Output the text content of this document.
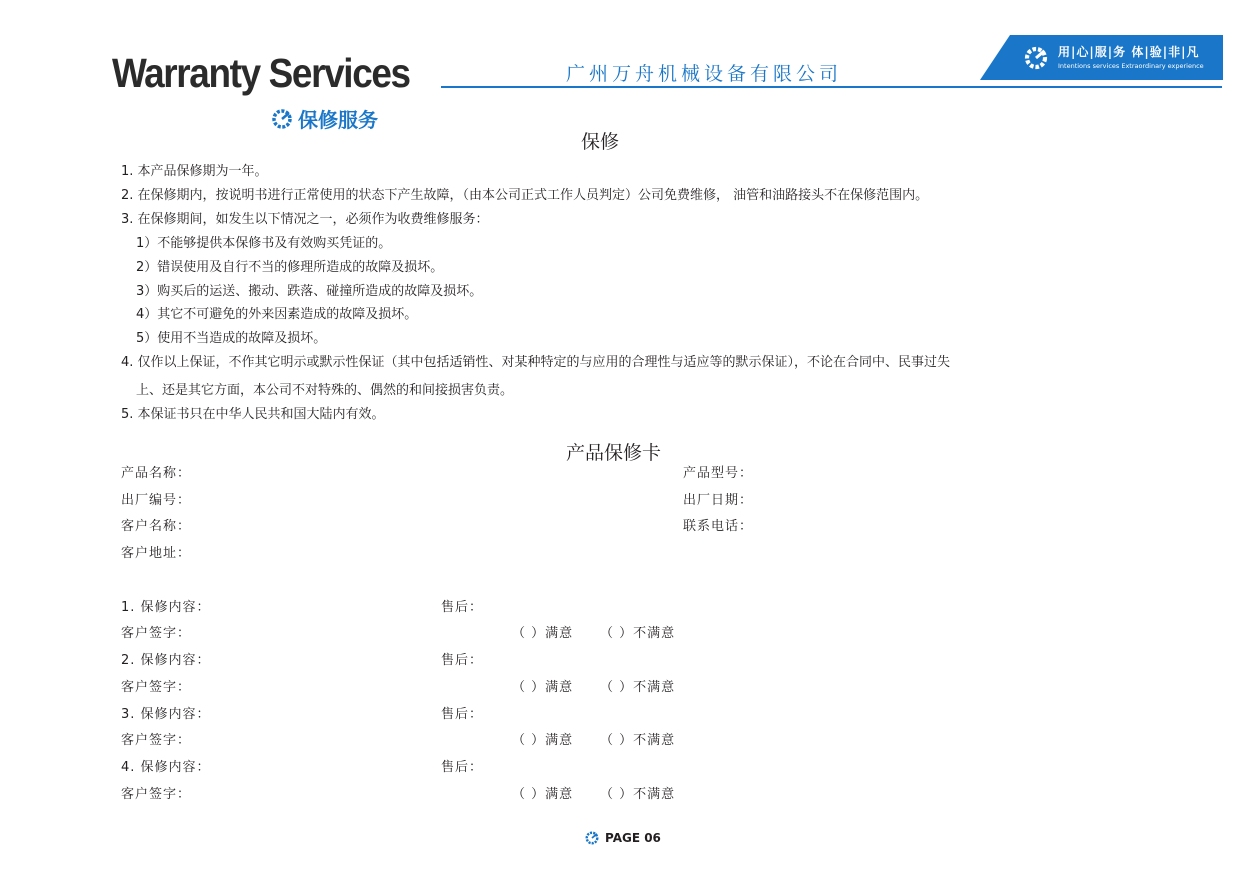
Warranty Services
保修服务
广州万舟机械设备有限公司
用|心|服|务 体|验|非|凡
Intentions services Extraordinary experience
保修
1. 本产品保修期为一年。
2. 在保修期内，按说明书进行正常使用的状态下产生故障，（由本公司正式工作人员判定）公司免费维修， 油管和油路接头不在保修范围内。
3. 在保修期间，如发生以下情况之一，必须作为收费维修服务：
1）不能够提供本保修书及有效购买凭证的。
2）错误使用及自行不当的修理所造成的故障及损坏。
3）购买后的运送、搬动、跌落、碰撞所造成的故障及损坏。
4）其它不可避免的外来因素造成的故障及损坏。
5）使用不当造成的故障及损坏。
4. 仅作以上保证，不作其它明示或默示性保证（其中包括适销性、对某种特定的与应用的合理性与适应等的默示保证），不论在合同中、民事过失
上、还是其它方面，本公司不对特殊的、偶然的和间接损害负责。
5. 本保证书只在中华人民共和国大陆内有效。
产品保修卡
产品名称：	产品型号：
出厂编号：	出厂日期：
客户名称：	联系电话：
客户地址：
1. 保修内容：	售后：
客户签字：	（ ）满意 （ ）不满意
2. 保修内容：	售后：
客户签字：	（ ）满意 （ ）不满意
3. 保修内容：	售后：
客户签字：	（ ）满意 （ ）不满意
4. 保修内容：	售后：
客户签字：	（ ）满意 （ ）不满意
PAGE 06
